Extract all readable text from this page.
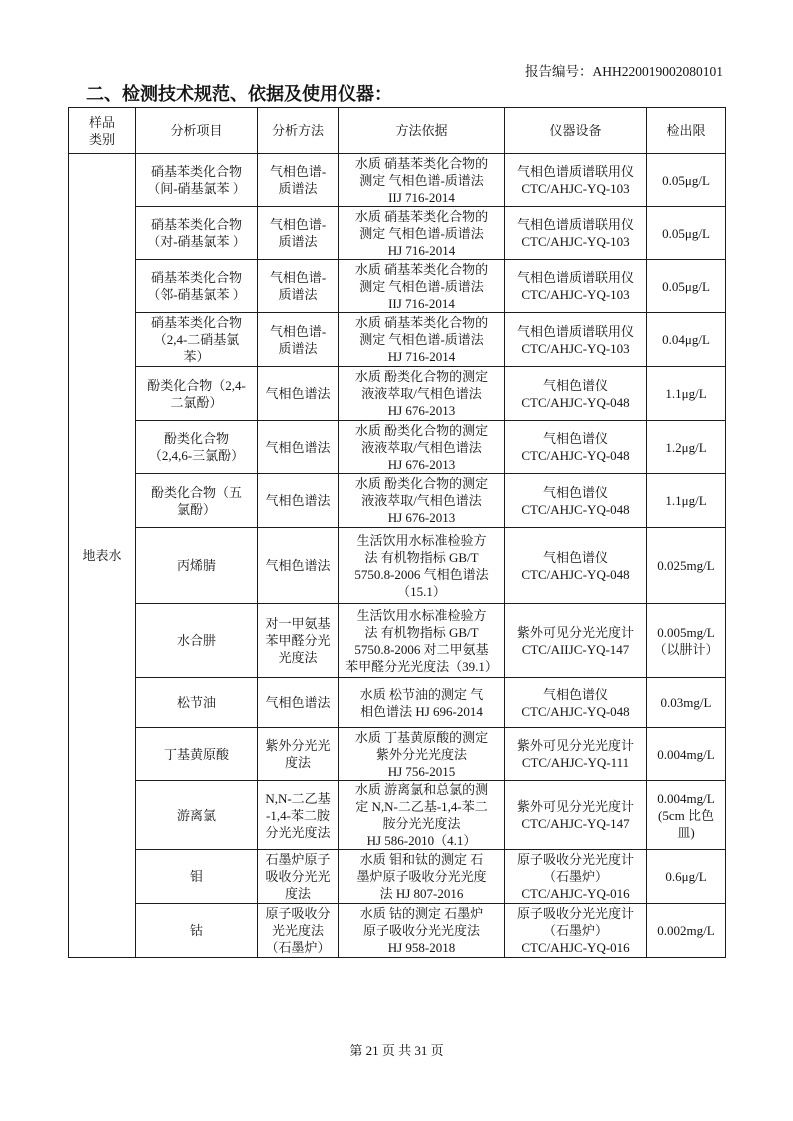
报告编号：AHH220019002080101
二、检测技术规范、依据及使用仪器：
样品
类别	分析项目	分析方法	方法依据	仪器设备	检出限
地表水	硝基苯类化合物
（间-硝基氯苯 ）	气相色谱-
质谱法	水质 硝基苯类化合物的
测定 气相色谱-质谱法
IIJ 716-2014	气相色谱质谱联用仪
CTC/AHJC-YQ-103	0.05μg/L
	硝基苯类化合物
（对-硝基氯苯 ）	气相色谱-
质谱法	水质 硝基苯类化合物的
测定 气相色谱-质谱法
HJ 716-2014	气相色谱质谱联用仪
CTC/AHJC-YQ-103	0.05μg/L
	硝基苯类化合物
（邻-硝基氯苯 ）	气相色谱-
质谱法	水质 硝基苯类化合物的
测定 气相色谱-质谱法
IIJ 716-2014	气相色谱质谱联用仪
CTC/AHJC-YQ-103	0.05μg/L
	硝基苯类化合物
（2,4-二硝基氯
苯）	气相色谱-
质谱法	水质 硝基苯类化合物的
测定 气相色谱-质谱法
HJ 716-2014	气相色谱质谱联用仪
CTC/AHJC-YQ-103	0.04μg/L
	酚类化合物（2,4-
二氯酚）	气相色谱法	水质 酚类化合物的测定
液液萃取/气相色谱法
HJ 676-2013	气相色谱仪
CTC/AHJC-YQ-048	1.1μg/L
	酚类化合物
（2,4,6-三氯酚）	气相色谱法	水质 酚类化合物的测定
液液萃取/气相色谱法
HJ 676-2013	气相色谱仪
CTC/AHJC-YQ-048	1.2μg/L
	酚类化合物（五
氯酚）	气相色谱法	水质 酚类化合物的测定
液液萃取/气相色谱法
HJ 676-2013	气相色谱仪
CTC/AHJC-YQ-048	1.1μg/L
	丙烯腈	气相色谱法	生活饮用水标准检验方
法 有机物指标 GB/T
5750.8-2006 气相色谱法
（15.1）	气相色谱仪
CTC/AHJC-YQ-048	0.025mg/L
	水合肼	对一甲氨基
苯甲醛分光
光度法	生活饮用水标准检验方
法 有机物指标 GB/T
5750.8-2006 对二甲氨基
苯甲醛分光光度法（39.1）	紫外可见分光光度计
CTC/AIIJC-YQ-147	0.005mg/L
（以肼计）
	松节油	气相色谱法	水质 松节油的测定 气
相色谱法 HJ 696-2014	气相色谱仪
CTC/AHJC-YQ-048	0.03mg/L
	丁基黄原酸	紫外分光光
度法	水质 丁基黄原酸的测定
紫外分光光度法
HJ 756-2015	紫外可见分光光度计
CTC/AHJC-YQ-111	0.004mg/L
	游离氯	N,N-二乙基
-1,4-苯二胺
分光光度法	水质 游离氯和总氯的测
定 N,N-二乙基-1,4-苯二
胺分光光度法
HJ 586-2010（4.1）	紫外可见分光光度计
CTC/AHJC-YQ-147	0.004mg/L
(5cm 比色
皿)
	钼	石墨炉原子
吸收分光光
度法	水质 钼和钛的测定 石
墨炉原子吸收分光光度
法 HJ 807-2016	原子吸收分光光度计
（石墨炉）
CTC/AHJC-YQ-016	0.6μg/L
	钴	原子吸收分
光光度法
（石墨炉）	水质 钴的测定 石墨炉
原子吸收分光光度法
HJ 958-2018	原子吸收分光光度计
（石墨炉）
CTC/AHJC-YQ-016	0.002mg/L
第 21 页 共 31 页
